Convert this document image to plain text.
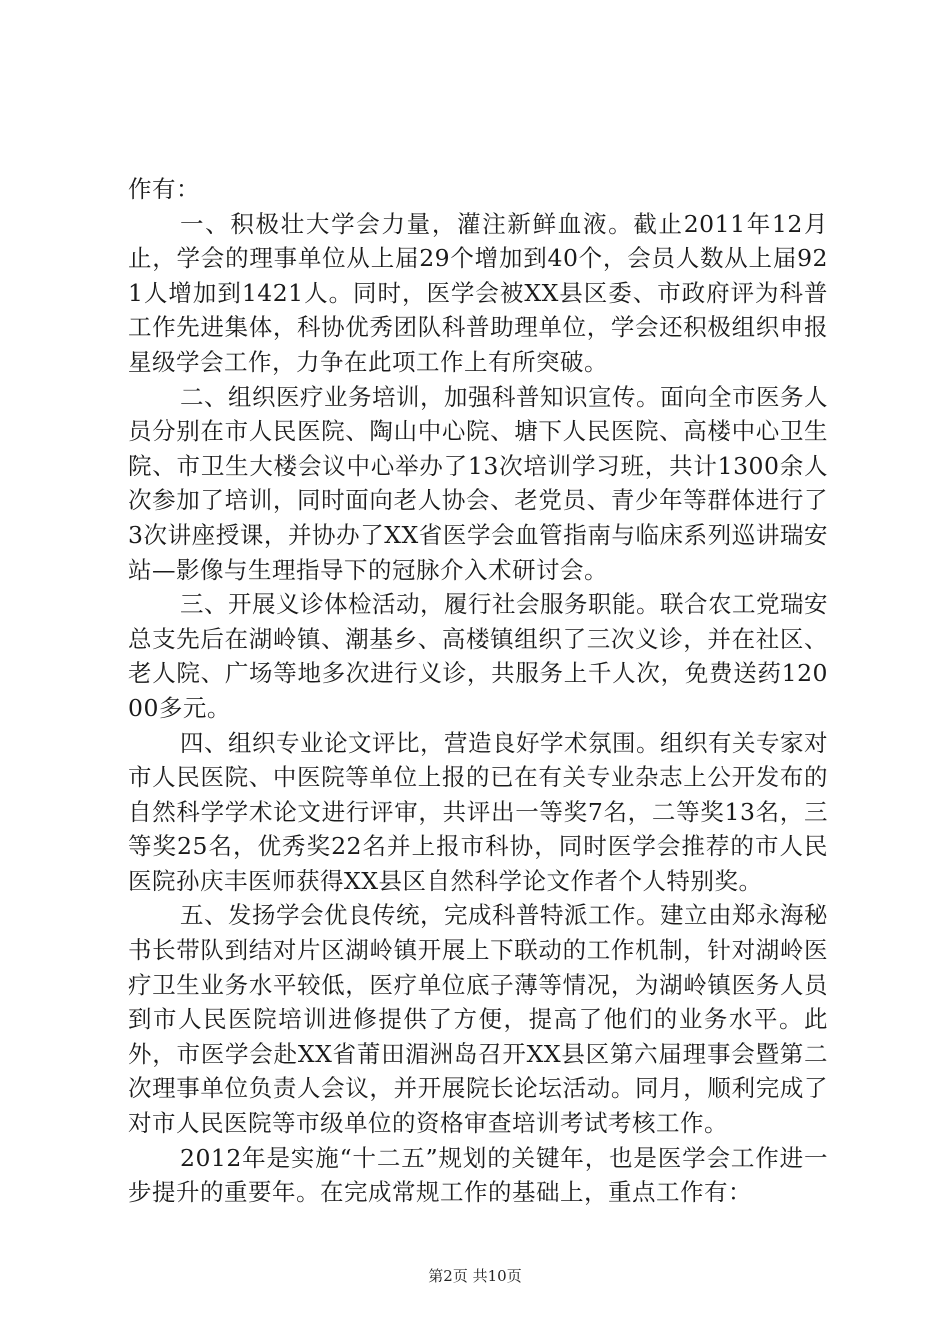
作有：

一、积极壮大学会力量，灌注新鲜血液。截止2011年12月止，学会的理事单位从上届29个增加到40个，会员人数从上届921人增加到1421人。同时，医学会被XX县区委、市政府评为科普工作先进集体，科协优秀团队科普助理单位，学会还积极组织申报星级学会工作，力争在此项工作上有所突破。

二、组织医疗业务培训，加强科普知识宣传。面向全市医务人员分别在市人民医院、陶山中心院、塘下人民医院、高楼中心卫生院、市卫生大楼会议中心举办了13次培训学习班，共计1300余人次参加了培训，同时面向老人协会、老党员、青少年等群体进行了3次讲座授课，并协办了XX省医学会血管指南与临床系列巡讲瑞安站—影像与生理指导下的冠脉介入术研讨会。

三、开展义诊体检活动，履行社会服务职能。联合农工党瑞安总支先后在湖岭镇、潮基乡、高楼镇组织了三次义诊，并在社区、老人院、广场等地多次进行义诊，共服务上千人次，免费送药12000多元。

四、组织专业论文评比，营造良好学术氛围。组织有关专家对市人民医院、中医院等单位上报的已在有关专业杂志上公开发布的自然科学学术论文进行评审，共评出一等奖7名，二等奖13名，三等奖25名，优秀奖22名并上报市科协，同时医学会推荐的市人民医院孙庆丰医师获得XX县区自然科学论文作者个人特别奖。

五、发扬学会优良传统，完成科普特派工作。建立由郑永海秘书长带队到结对片区湖岭镇开展上下联动的工作机制，针对湖岭医疗卫生业务水平较低，医疗单位底子薄等情况，为湖岭镇医务人员到市人民医院培训进修提供了方便，提高了他们的业务水平。此外，市医学会赴XX省莆田湄洲岛召开XX县区第六届理事会暨第二次理事单位负责人会议，并开展院长论坛活动。同月，顺利完成了对市人民医院等市级单位的资格审查培训考试考核工作。

2012年是实施“十二五”规划的关键年，也是医学会工作进一步提升的重要年。在完成常规工作的基础上，重点工作有：

第2页 共10页
